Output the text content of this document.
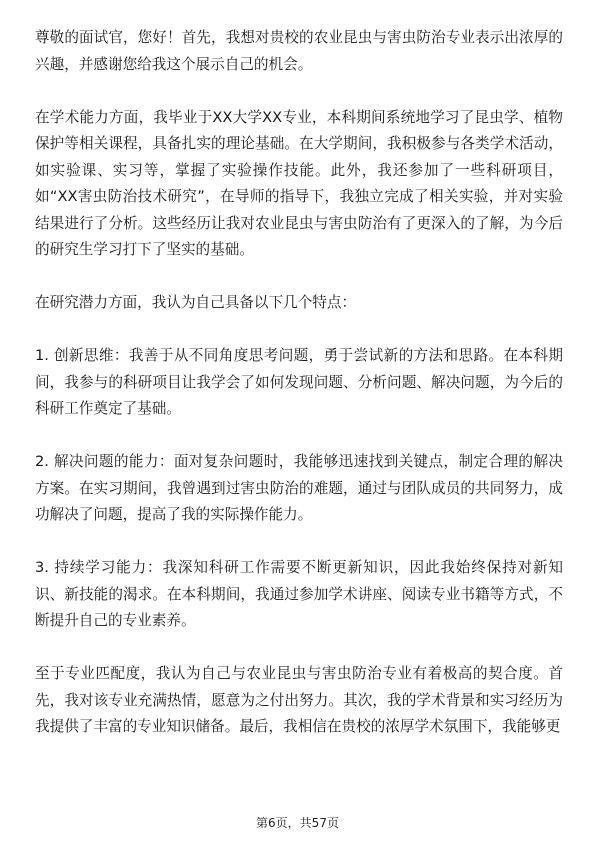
尊敬的面试官，您好！首先，我想对贵校的农业昆虫与害虫防治专业表示出浓厚的兴趣，并感谢您给我这个展示自己的机会。

在学术能力方面，我毕业于XX大学XX专业，本科期间系统地学习了昆虫学、植物保护等相关课程，具备扎实的理论基础。在大学期间，我积极参与各类学术活动，如实验课、实习等，掌握了实验操作技能。此外，我还参加了一些科研项目，如“XX害虫防治技术研究”，在导师的指导下，我独立完成了相关实验，并对实验结果进行了分析。这些经历让我对农业昆虫与害虫防治有了更深入的了解，为今后的研究生学习打下了坚实的基础。

在研究潜力方面，我认为自己具备以下几个特点：

1. 创新思维：我善于从不同角度思考问题，勇于尝试新的方法和思路。在本科期间，我参与的科研项目让我学会了如何发现问题、分析问题、解决问题，为今后的科研工作奠定了基础。

2. 解决问题的能力：面对复杂问题时，我能够迅速找到关键点，制定合理的解决方案。在实习期间，我曾遇到过害虫防治的难题，通过与团队成员的共同努力，成功解决了问题，提高了我的实际操作能力。

3. 持续学习能力：我深知科研工作需要不断更新知识，因此我始终保持对新知识、新技能的渴求。在本科期间，我通过参加学术讲座、阅读专业书籍等方式，不断提升自己的专业素养。

至于专业匹配度，我认为自己与农业昆虫与害虫防治专业有着极高的契合度。首先，我对该专业充满热情，愿意为之付出努力。其次，我的学术背景和实习经历为我提供了丰富的专业知识储备。最后，我相信在贵校的浓厚学术氛围下，我能够更

第6页，共57页
